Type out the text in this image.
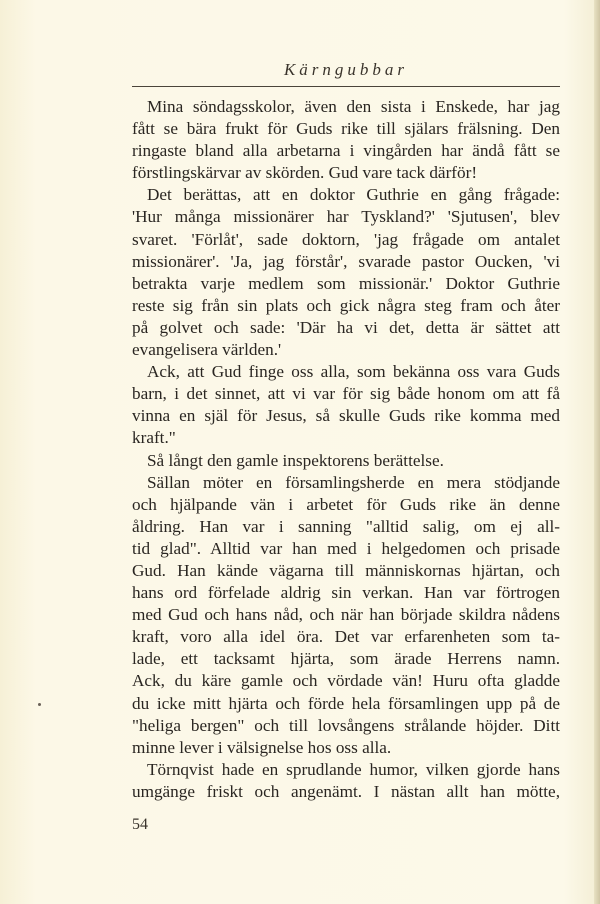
Kärngubbar
Mina söndagsskolor, även den sista i Enskede, har jag
fått se bära frukt för Guds rike till själars frälsning. Den
ringaste bland alla arbetarna i vingården har ändå fått se
förstlingskärvar av skörden. Gud vare tack därför!
Det berättas, att en doktor Guthrie en gång frågade:
'Hur många missionärer har Tyskland?' 'Sjutusen', blev
svaret. 'Förlåt', sade doktorn, 'jag frågade om antalet
missionärer'. 'Ja, jag förstår', svarade pastor Oucken, 'vi
betrakta varje medlem som missionär.' Doktor Guthrie
reste sig från sin plats och gick några steg fram och åter
på golvet och sade: 'Där ha vi det, detta är sättet att
evangelisera världen.'
Ack, att Gud finge oss alla, som bekänna oss vara Guds
barn, i det sinnet, att vi var för sig både honom om att få
vinna en själ för Jesus, så skulle Guds rike komma med
kraft."
Så långt den gamle inspektorens berättelse.
Sällan möter en församlingsherde en mera stödjande
och hjälpande vän i arbetet för Guds rike än denne
åldring. Han var i sanning "alltid salig, om ej all-
tid glad". Alltid var han med i helgedomen och prisade
Gud. Han kände vägarna till människornas hjärtan, och
hans ord förfelade aldrig sin verkan. Han var förtrogen
med Gud och hans nåd, och när han började skildra nådens
kraft, voro alla idel öra. Det var erfarenheten som ta-
lade, ett tacksamt hjärta, som ärade Herrens namn.
Ack, du käre gamle och vördade vän! Huru ofta gladde
du icke mitt hjärta och förde hela församlingen upp på de
"heliga bergen" och till lovsångens strålande höjder. Ditt
minne lever i välsignelse hos oss alla.
Törnqvist hade en sprudlande humor, vilken gjorde hans
umgänge friskt och angenämt. I nästan allt han mötte,
54
